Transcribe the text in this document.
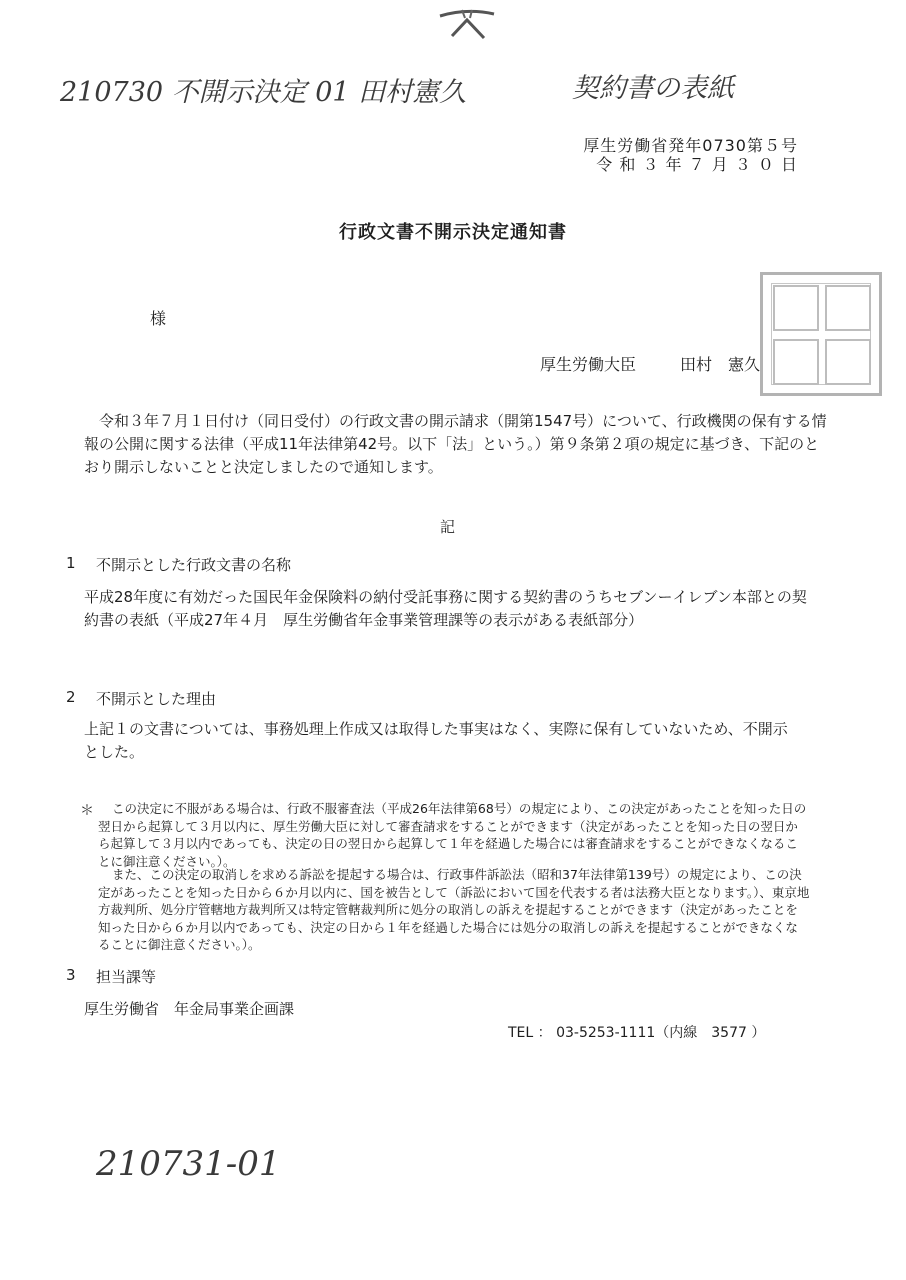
210730 不開示決定 01 田村憲久	契約書の表紙
厚生労働省発年0730第５号
令 和 ３ 年 ７ 月 ３ ０ 日
行政文書不開示決定通知書
様
厚生労働大臣	田村　憲久
令和３年７月１日付け（同日受付）の行政文書の開示請求（開第1547号）について、行政機関の保有する情報の公開に関する法律（平成11年法律第42号。以下「法」という。）第９条第２項の規定に基づき、下記のとおり開示しないことと決定しましたので通知します。
記
1 不開示とした行政文書の名称
平成28年度に有効だった国民年金保険料の納付受託事務に関する契約書のうちセブンーイレブン本部との契約書の表紙（平成27年４月　厚生労働省年金事業管理課等の表示がある表紙部分）
2 不開示とした理由
上記１の文書については、事務処理上作成又は取得した事実はなく、実際に保有していないため、不開示とした。
＊	この決定に不服がある場合は、行政不服審査法（平成26年法律第68号）の規定により、この決定があったことを知った日の翌日から起算して３月以内に、厚生労働大臣に対して審査請求をすることができます（決定があったことを知った日の翌日から起算して３月以内であっても、決定の日の翌日から起算して１年を経過した場合には審査請求をすることができなくなることに御注意ください。）。
また、この決定の取消しを求める訴訟を提起する場合は、行政事件訴訟法（昭和37年法律第139号）の規定により、この決定があったことを知った日から６か月以内に、国を被告として（訴訟において国を代表する者は法務大臣となります。）、東京地方裁判所、処分庁管轄地方裁判所又は特定管轄裁判所に処分の取消しの訴えを提起することができます（決定があったことを知った日から６か月以内であっても、決定の日から１年を経過した場合には処分の取消しの訴えを提起することができなくなることに御注意ください。）。
3 担当課等
厚生労働省　年金局事業企画課
TEL ： 03-5253-1111（内線　3577 ）
210731-01
